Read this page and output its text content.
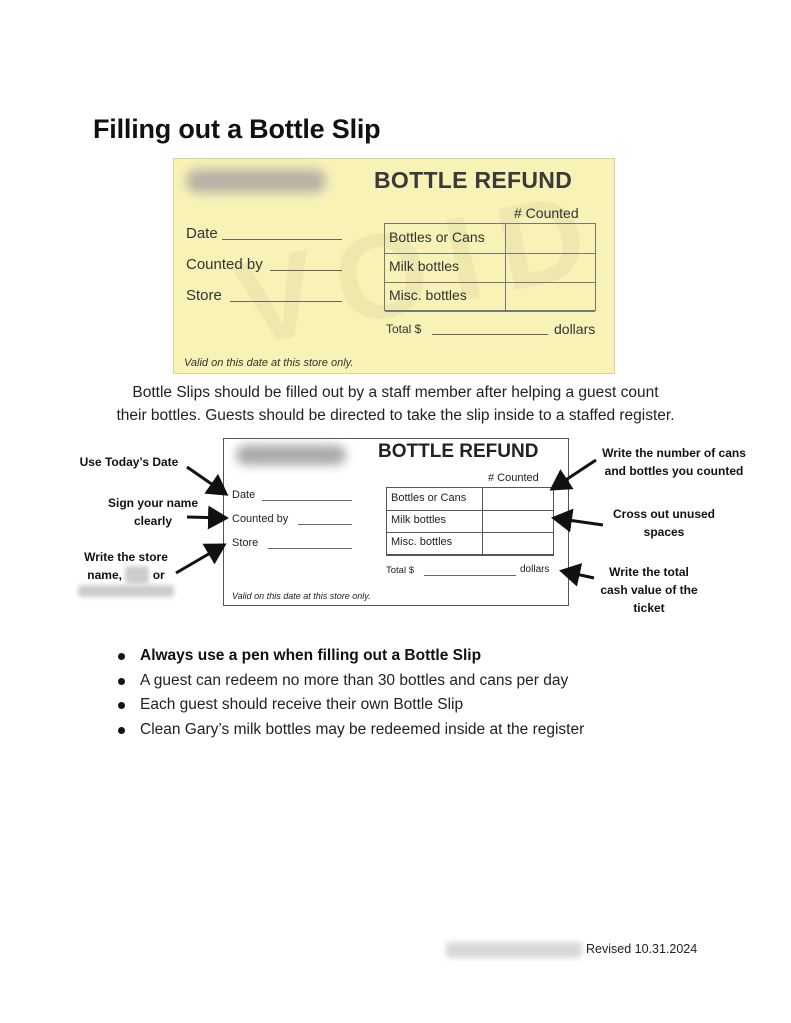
Filling out a Bottle Slip
BOTTLE REFUND
# Counted
Date
Counted by
Store
Bottles or Cans
Milk bottles
Misc. bottles
Total $	dollars
Valid on this date at this store only.
Bottle Slips should be filled out by a staff member after helping a guest count
their bottles. Guests should be directed to take the slip inside to a staffed register.
BOTTLE REFUND
# Counted
Date
Counted by
Store
Bottles or Cans
Milk bottles
Misc. bottles
Total $	dollars
Valid on this date at this store only.
Use Today’s Date
Sign your name
clearly
Write the store
name,	or
Write the number of cans
and bottles you counted
Cross out unused
spaces
Write the total
cash value of the
ticket
Always use a pen when filling out a Bottle Slip
A guest can redeem no more than 30 bottles and cans per day
Each guest should receive their own Bottle Slip
Clean Gary’s milk bottles may be redeemed inside at the register
Revised 10.31.2024
